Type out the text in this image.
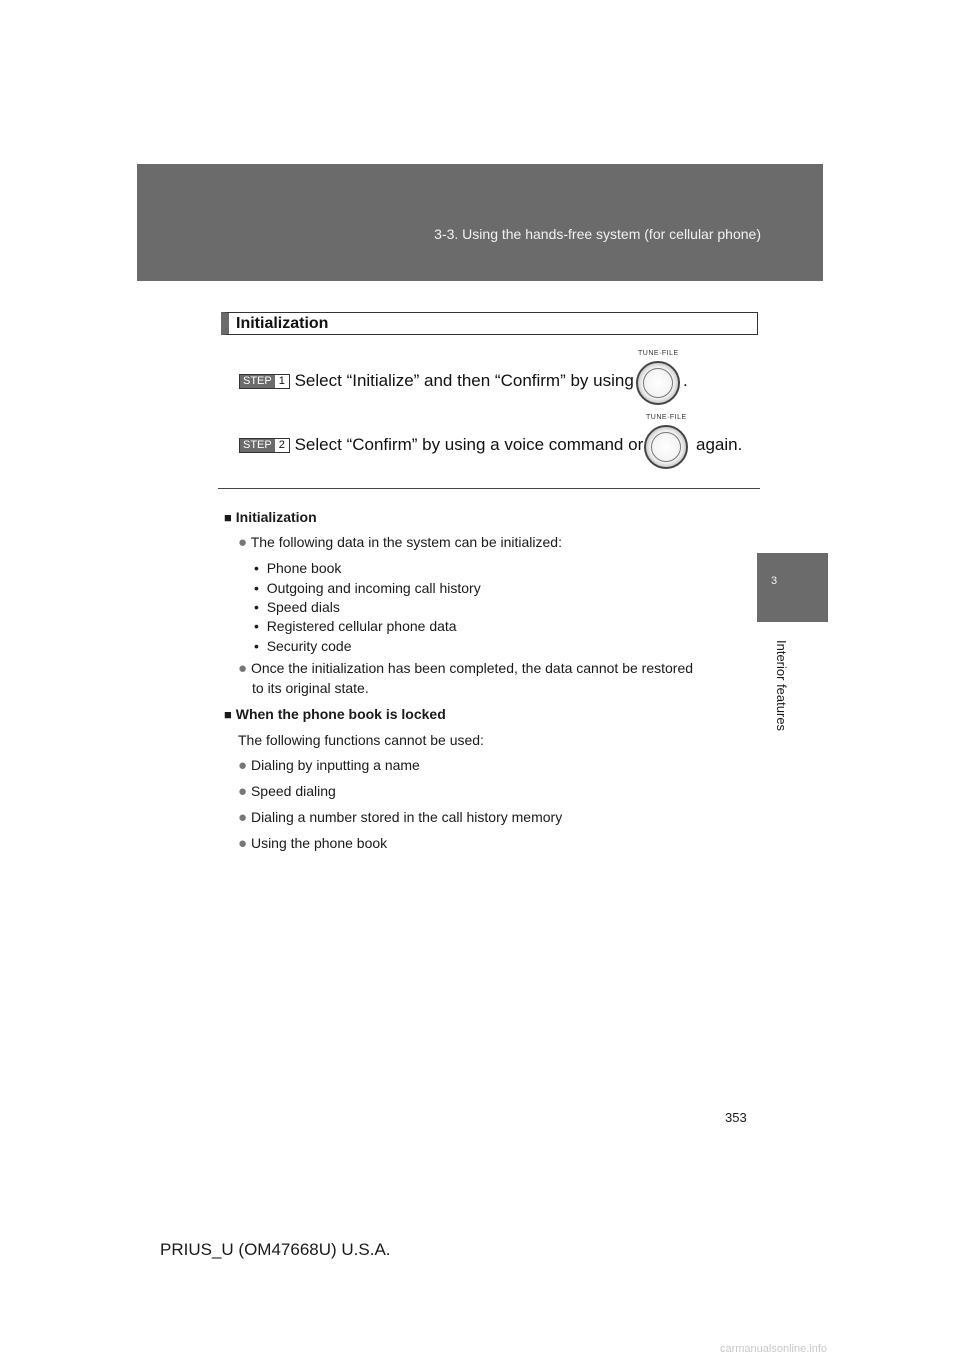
3-3. Using the hands-free system (for cellular phone)
3
Interior features
Initialization
STEP 1 Select “Initialize” and then “Confirm” by using
TUNE·FILE
.
STEP 2 Select “Confirm” by using a voice command or
TUNE·FILE
again.
■ Initialization
● The following data in the system can be initialized:
•  Phone book
•  Outgoing and incoming call history
•  Speed dials
•  Registered cellular phone data
•  Security code
● Once the initialization has been completed, the data cannot be restored
to its original state.
■ When the phone book is locked
The following functions cannot be used:
● Dialing by inputting a name
● Speed dialing
● Dialing a number stored in the call history memory
● Using the phone book
353
PRIUS_U (OM47668U) U.S.A.
carmanualsonline.info
